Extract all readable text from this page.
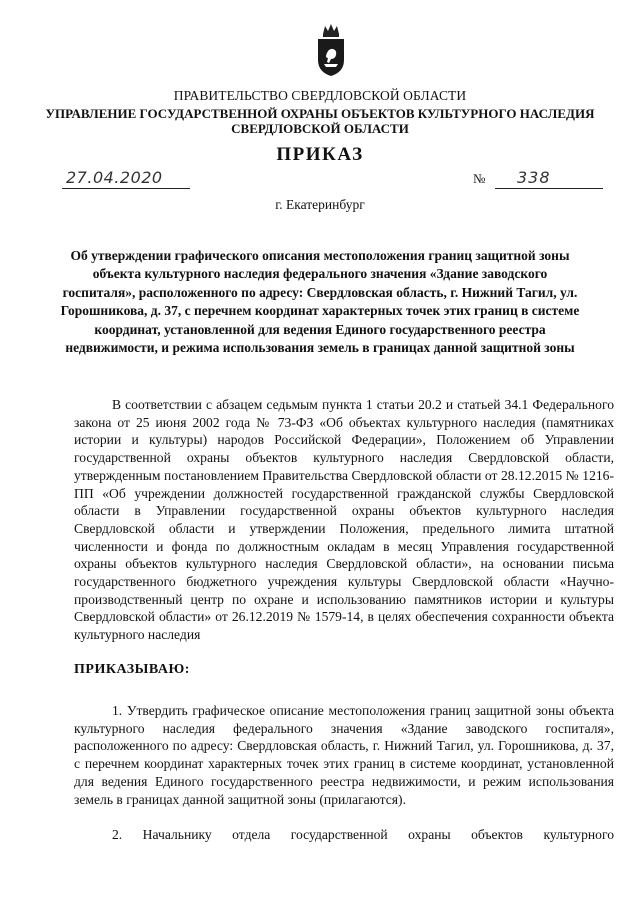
ПРАВИТЕЛЬСТВО СВЕРДЛОВСКОЙ ОБЛАСТИ
УПРАВЛЕНИЕ ГОСУДАРСТВЕННОЙ ОХРАНЫ ОБЪЕКТОВ КУЛЬТУРНОГО НАСЛЕДИЯ
СВЕРДЛОВСКОЙ ОБЛАСТИ
ПРИКАЗ
27.04.2020	№ 338
г. Екатеринбург
Об утверждении графического описания местоположения границ защитной зоны объекта культурного наследия федерального значения «Здание заводского госпиталя», расположенного по адресу: Свердловская область, г. Нижний Тагил, ул. Горошникова, д. 37, с перечнем координат характерных точек этих границ в системе координат, установленной для ведения Единого государственного реестра недвижимости, и режима использования земель в границах данной защитной зоны
В соответствии с абзацем седьмым пункта 1 статьи 20.2 и статьей 34.1 Федерального закона от 25 июня 2002 года № 73-ФЗ «Об объектах культурного наследия (памятниках истории и культуры) народов Российской Федерации», Положением об Управлении государственной охраны объектов культурного наследия Свердловской области, утвержденным постановлением Правительства Свердловской области от 28.12.2015 № 1216-ПП «Об учреждении должностей государственной гражданской службы Свердловской области в Управлении государственной охраны объектов культурного наследия Свердловской области и утверждении Положения, предельного лимита штатной численности и фонда по должностным окладам в месяц Управления государственной охраны объектов культурного наследия Свердловской области», на основании письма государственного бюджетного учреждения культуры Свердловской области «Научно-производственный центр по охране и использованию памятников истории и культуры Свердловской области» от 26.12.2019 № 1579-14, в целях обеспечения сохранности объекта культурного наследия
ПРИКАЗЫВАЮ:
1. Утвердить графическое описание местоположения границ защитной зоны объекта культурного наследия федерального значения «Здание заводского госпиталя», расположенного по адресу: Свердловская область, г. Нижний Тагил, ул. Горошникова, д. 37, с перечнем координат характерных точек этих границ в системе координат, установленной для ведения Единого государственного реестра недвижимости, и режим использования земель в границах данной защитной зоны (прилагаются).
2. Начальнику отдела государственной охраны объектов культурного
